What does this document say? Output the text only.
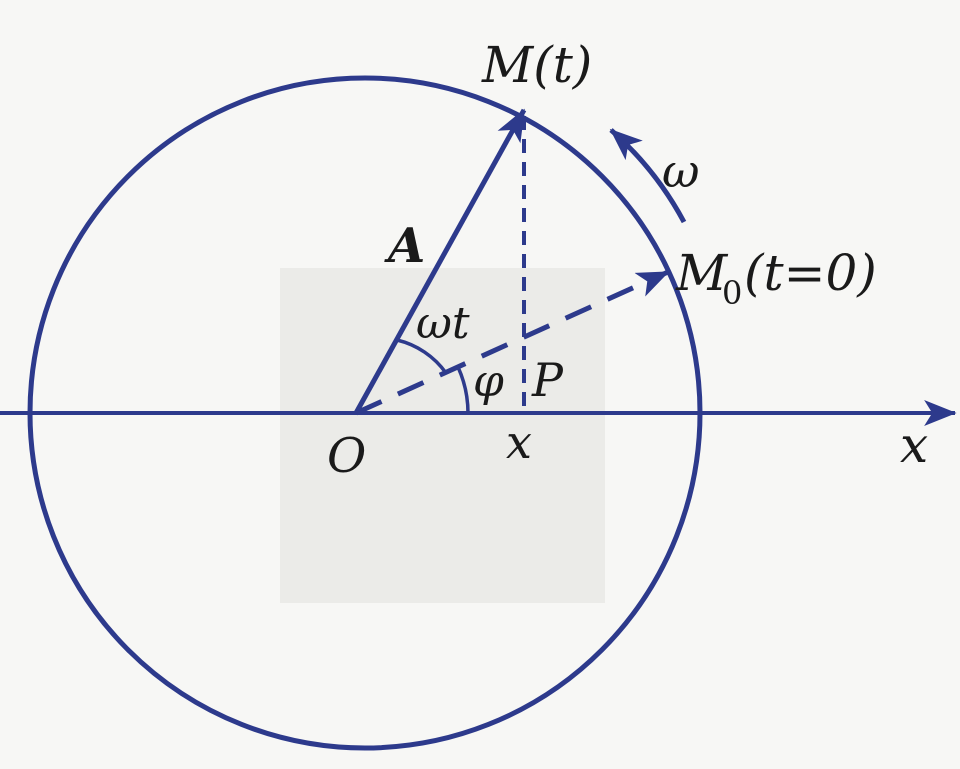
M(t)
ω
M
0 (t=0)
A
ωt
φ P
O	x	x
